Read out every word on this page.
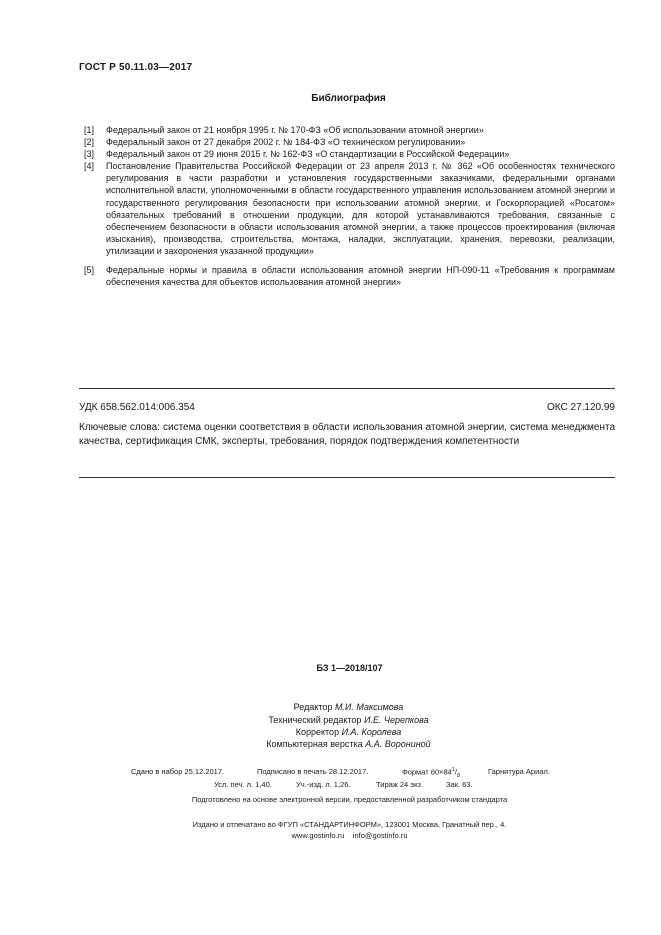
ГОСТ Р 50.11.03—2017
Библиография
[1] Федеральный закон от 21 ноября 1995 г. № 170-ФЗ «Об использовании атомной энергии»
[2] Федеральный закон от 27 декабря 2002 г. № 184-ФЗ «О техническом регулировании»
[3] Федеральный закон от 29 июня 2015 г. № 162-ФЗ «О стандартизации в Российской Федерации»
[4] Постановление Правительства Российской Федерации от 23 апреля 2013 г. № 362 «Об особенностях технического регулирования в части разработки и установления государственными заказчиками, федеральными органами исполнительной власти, уполномоченными в области государственного управления использованием атомной энергии и государственного регулирования безопасности при использовании атомной энергии, и Госкорпорацией «Росатом» обязательных требований в отношении продукции, для которой устанавливаются требования, связанные с обеспечением безопасности в области использования атомной энергии, а также процессов проектирования (включая изыскания), производства, строительства, монтажа, наладки, эксплуатации, хранения, перевозки, реализации, утилизации и захоронения указанной продукции»
[5] Федеральные нормы и правила в области использования атомной энергии НП-090-11 «Требования к программам обеспечения качества для объектов использования атомной энергии»
УДК 658.562.014:006.354	ОКС 27.120.99
Ключевые слова: система оценки соответствия в области использования атомной энергии, система менеджмента качества, сертификация СМК, эксперты, требования, порядок подтверждения компетентности
БЗ 1—2018/107
Редактор М.И. Максимова
Технический редактор И.Е. Черепкова
Корректор И.А. Королева
Компьютерная верстка А.А. Ворониной
Сдано в набор 25.12.2017.	Подписано в печать 28.12.2017.	Формат $60\times 84^1/_8$	Гарнитура Ариал.
Усл. печ. л. 1,40.	Уч.-изд. л. 1,26.	Тираж 24 экз.	Зак. 63.
Подготовлено на основе электронной версии, предоставленной разработчиком стандарта
Издано и отпечатано во ФГУП «СТАНДАРТИНФОРМ», 123001 Москва, Гранатный пер., 4.
www.gostinfo.ru info@gostinfo.ru
